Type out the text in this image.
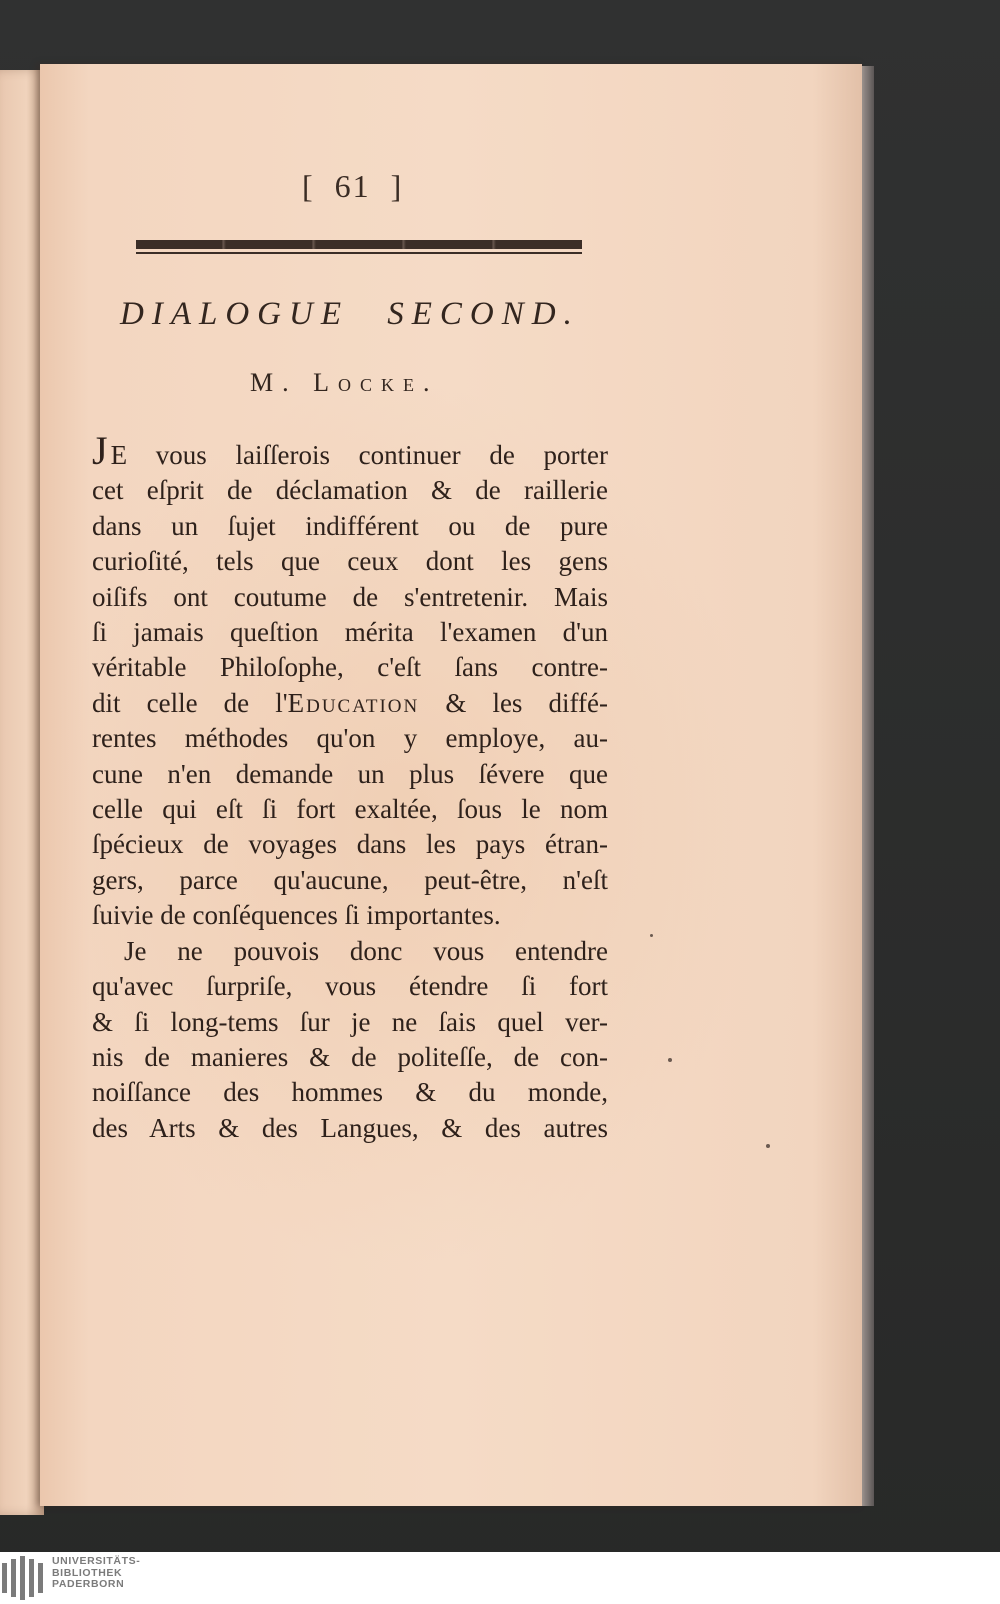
[ 61 ]
DIALOGUE SECOND.
M. Locke.
J E vous laiſſerois continuer de porter
cet eſprit de déclamation & de raillerie
dans un ſujet indifférent ou de pure
curioſité, tels que ceux dont les gens
oiſifs ont coutume de s'entretenir. Mais
ſi jamais queſtion mérita l'examen d'un
véritable Philoſophe, c'eſt ſans contre-
dit celle de l'Education & les diffé-
rentes méthodes qu'on y employe, au-
cune n'en demande un plus ſévere que
celle qui eſt ſi fort exaltée, ſous le nom
ſpécieux de voyages dans les pays étran-
gers, parce qu'aucune, peut-être, n'eſt
ſuivie de conſéquences ſi importantes.
Je ne pouvois donc vous entendre
qu'avec ſurpriſe, vous étendre ſi fort
& ſi long-tems ſur je ne ſais quel ver-
nis de manieres & de politeſſe, de con-
noiſſance des hommes & du monde,
des Arts & des Langues, & des autres
UNIVERSITÄTS-
BIBLIOTHEK
PADERBORN
